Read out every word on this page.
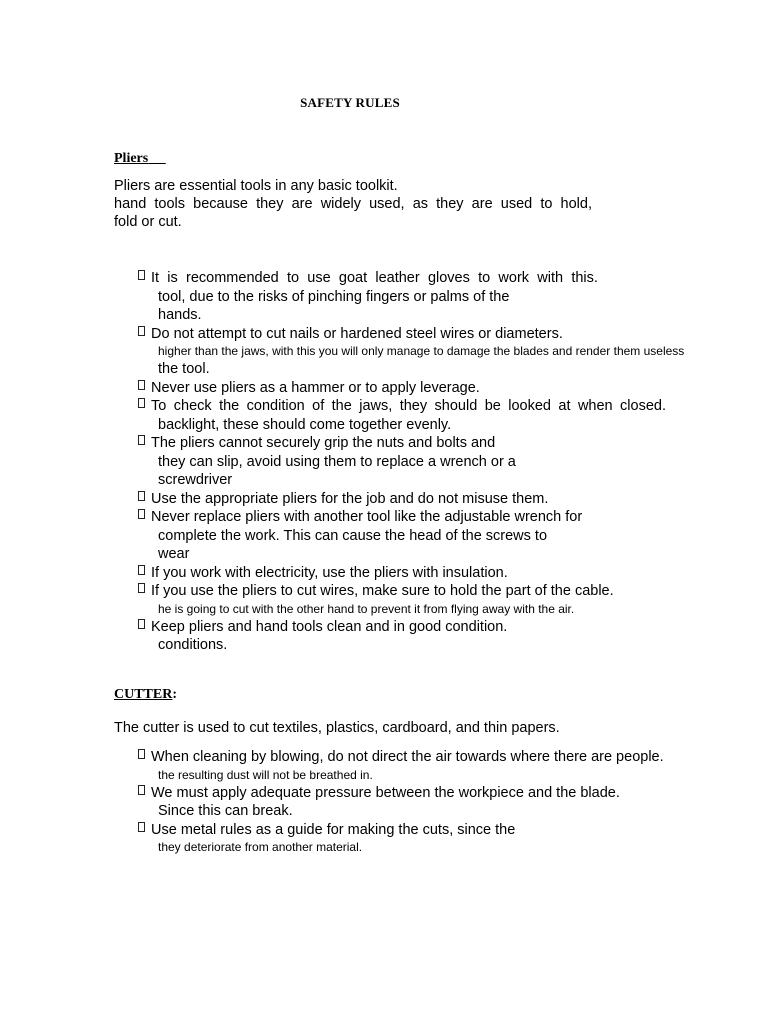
SAFETY RULES
Pliers
Pliers are essential tools in any basic toolkit.
hand tools because they are widely used, as they are used to hold,
fold or cut.
It is recommended to use goat leather gloves to work with this.
tool, due to the risks of pinching fingers or palms of the
hands.
Do not attempt to cut nails or hardened steel wires or diameters.
higher than the jaws, with this you will only manage to damage the blades and render them useless
the tool.
Never use pliers as a hammer or to apply leverage.
To check the condition of the jaws, they should be looked at when closed.
backlight, these should come together evenly.
The pliers cannot securely grip the nuts and bolts and
they can slip, avoid using them to replace a wrench or a
screwdriver
Use the appropriate pliers for the job and do not misuse them.
Never replace pliers with another tool like the adjustable wrench for
complete the work. This can cause the head of the screws to
wear
If you work with electricity, use the pliers with insulation.
If you use the pliers to cut wires, make sure to hold the part of the cable.
he is going to cut with the other hand to prevent it from flying away with the air.
Keep pliers and hand tools clean and in good condition.
conditions.
CUTTER:
The cutter is used to cut textiles, plastics, cardboard, and thin papers.
When cleaning by blowing, do not direct the air towards where there are people.
the resulting dust will not be breathed in.
We must apply adequate pressure between the workpiece and the blade.
Since this can break.
Use metal rules as a guide for making the cuts, since the
they deteriorate from another material.
